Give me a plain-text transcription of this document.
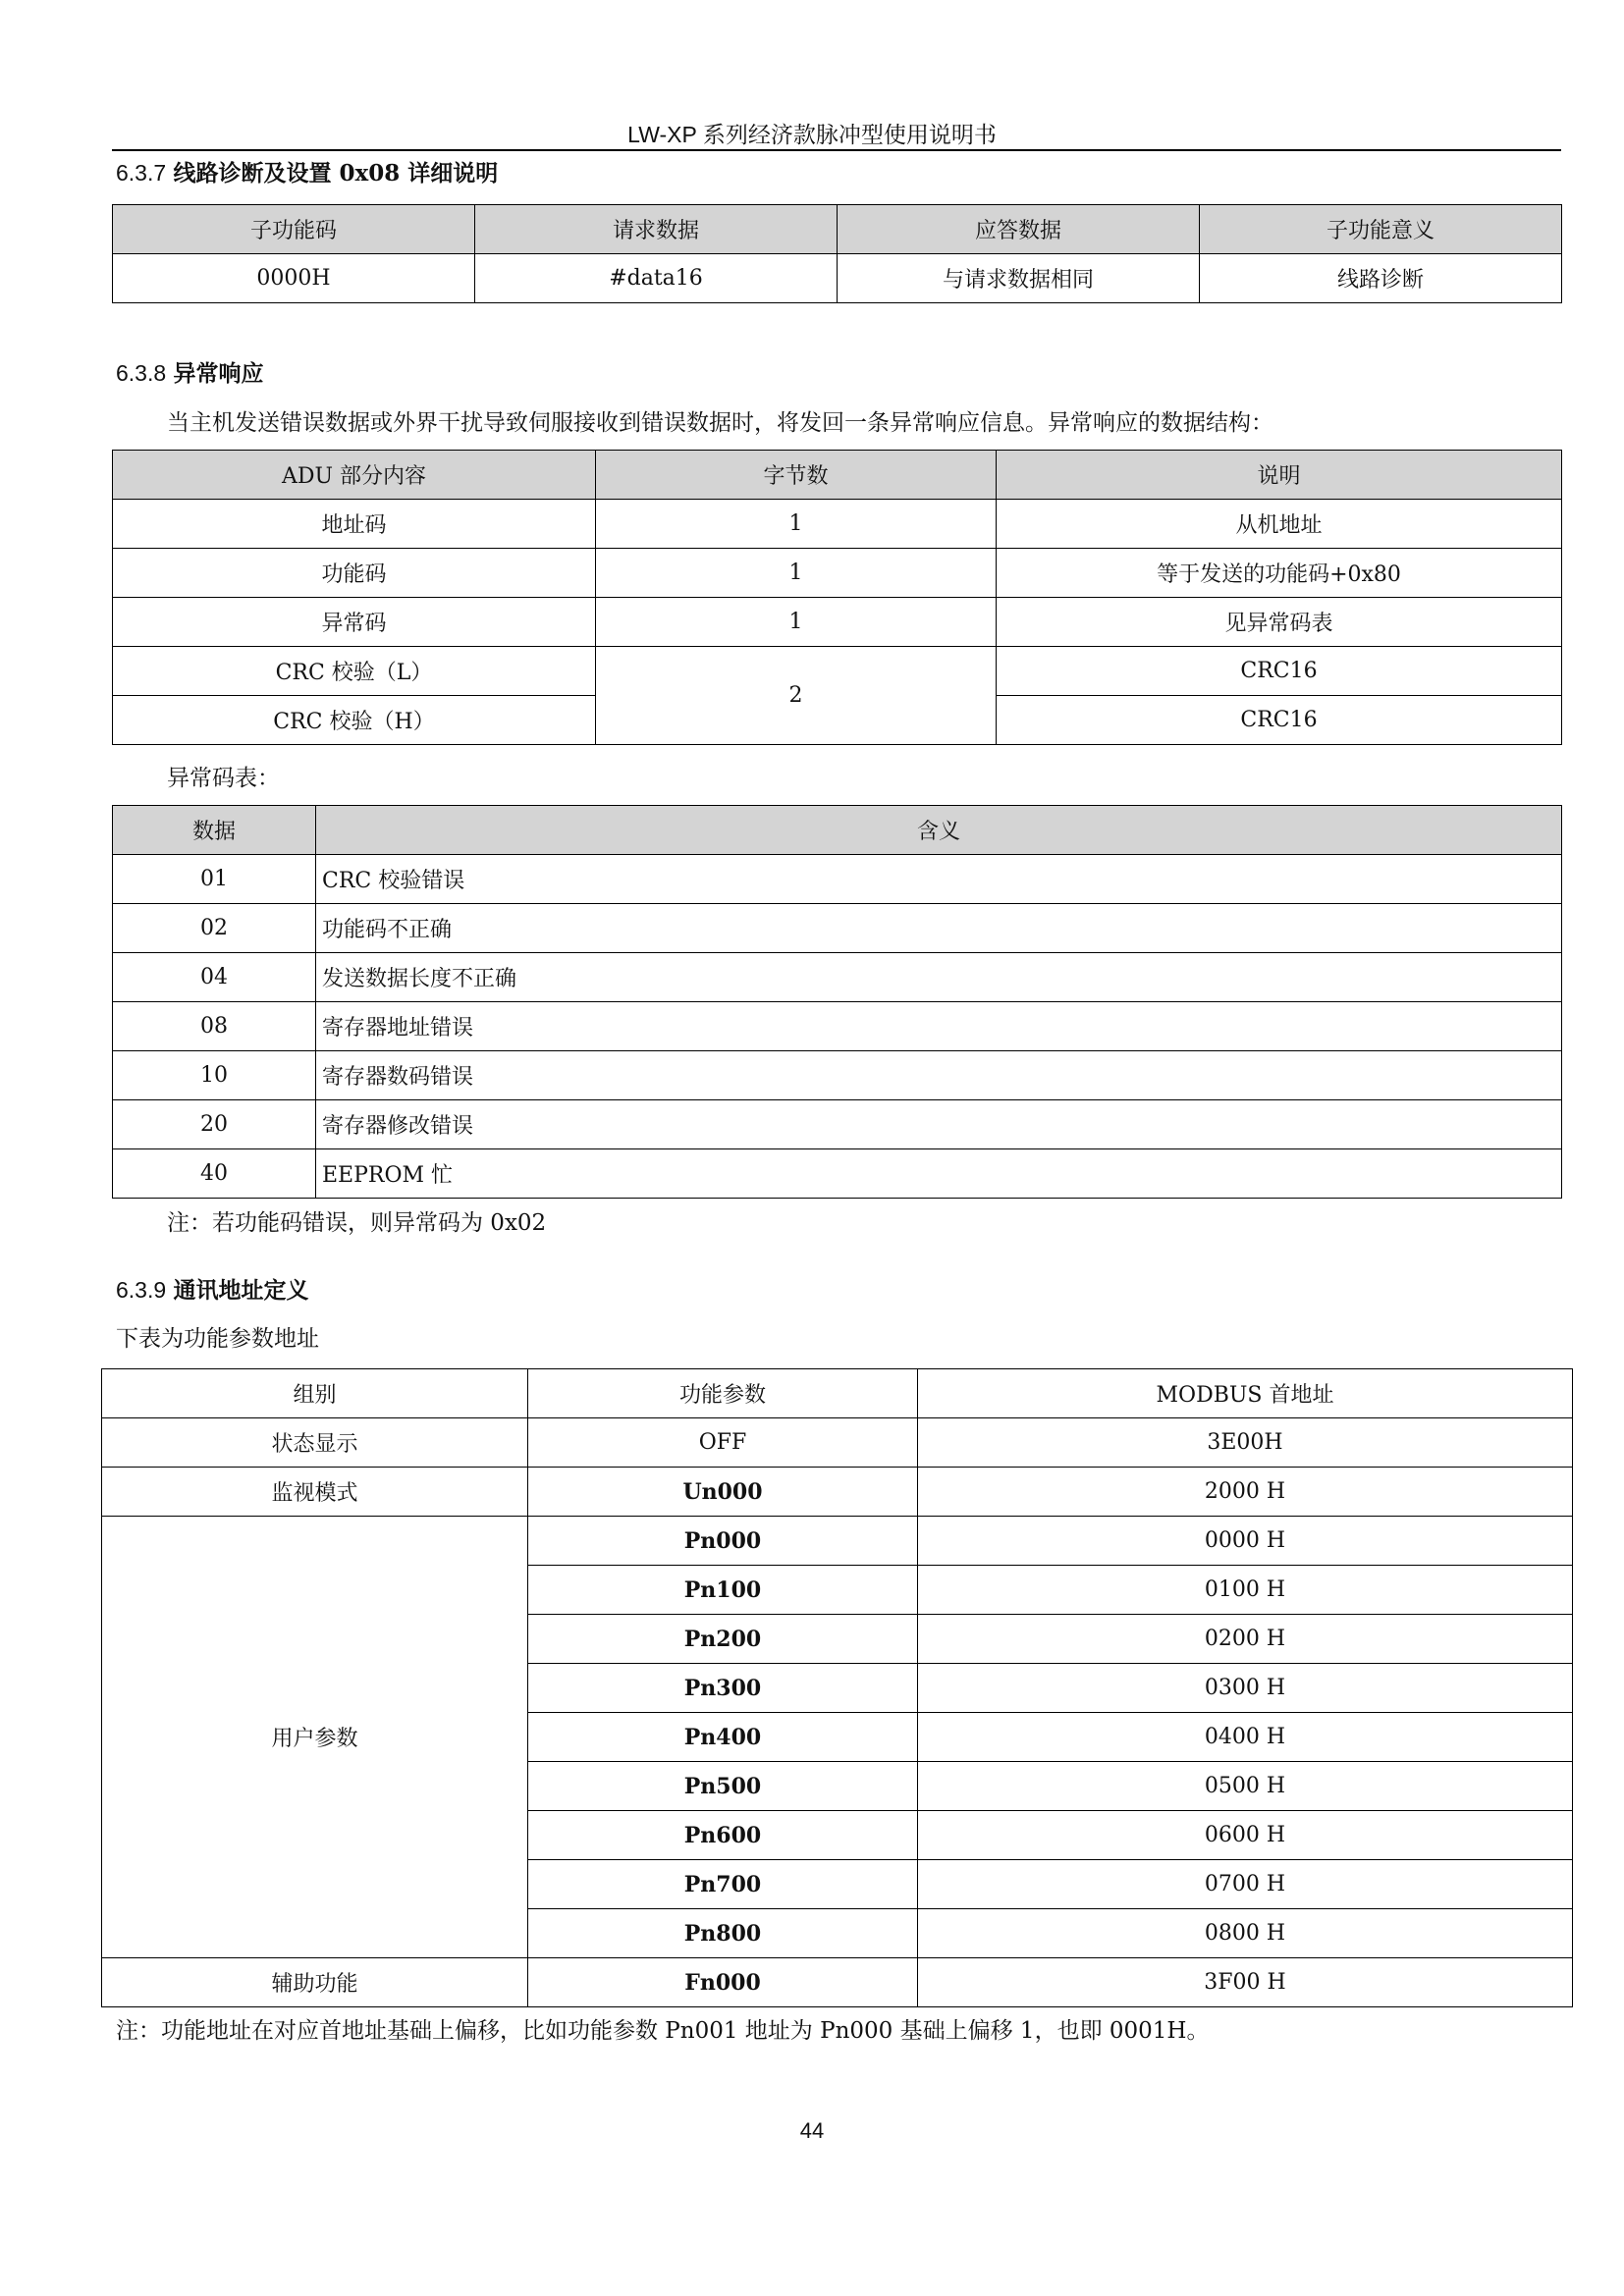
LW-XP 系列经济款脉冲型使用说明书
6.3.7 线路诊断及设置 0x08 详细说明
子功能码	请求数据	应答数据	子功能意义
0000H	#data16	与请求数据相同	线路诊断
6.3.8 异常响应
当主机发送错误数据或外界干扰导致伺服接收到错误数据时，将发回一条异常响应信息。异常响应的数据结构：
ADU 部分内容	字节数	说明
地址码	1	从机地址
功能码	1	等于发送的功能码+0x80
异常码	1	见异常码表
CRC 校验（L）	2	CRC16
CRC 校验（H）		CRC16
异常码表：
数据	含义
01	CRC 校验错误
02	功能码不正确
04	发送数据长度不正确
08	寄存器地址错误
10	寄存器数码错误
20	寄存器修改错误
40	EEPROM 忙
注：若功能码错误，则异常码为 0x02
6.3.9 通讯地址定义
下表为功能参数地址
组别	功能参数	MODBUS 首地址
状态显示	OFF	3E00H
监视模式	Un000	2000 H
用户参数	Pn000	0000 H
	Pn100	0100 H
	Pn200	0200 H
	Pn300	0300 H
	Pn400	0400 H
	Pn500	0500 H
	Pn600	0600 H
	Pn700	0700 H
	Pn800	0800 H
辅助功能	Fn000	3F00 H
注：功能地址在对应首地址基础上偏移，比如功能参数 Pn001 地址为 Pn000 基础上偏移 1，也即 0001H。
44
